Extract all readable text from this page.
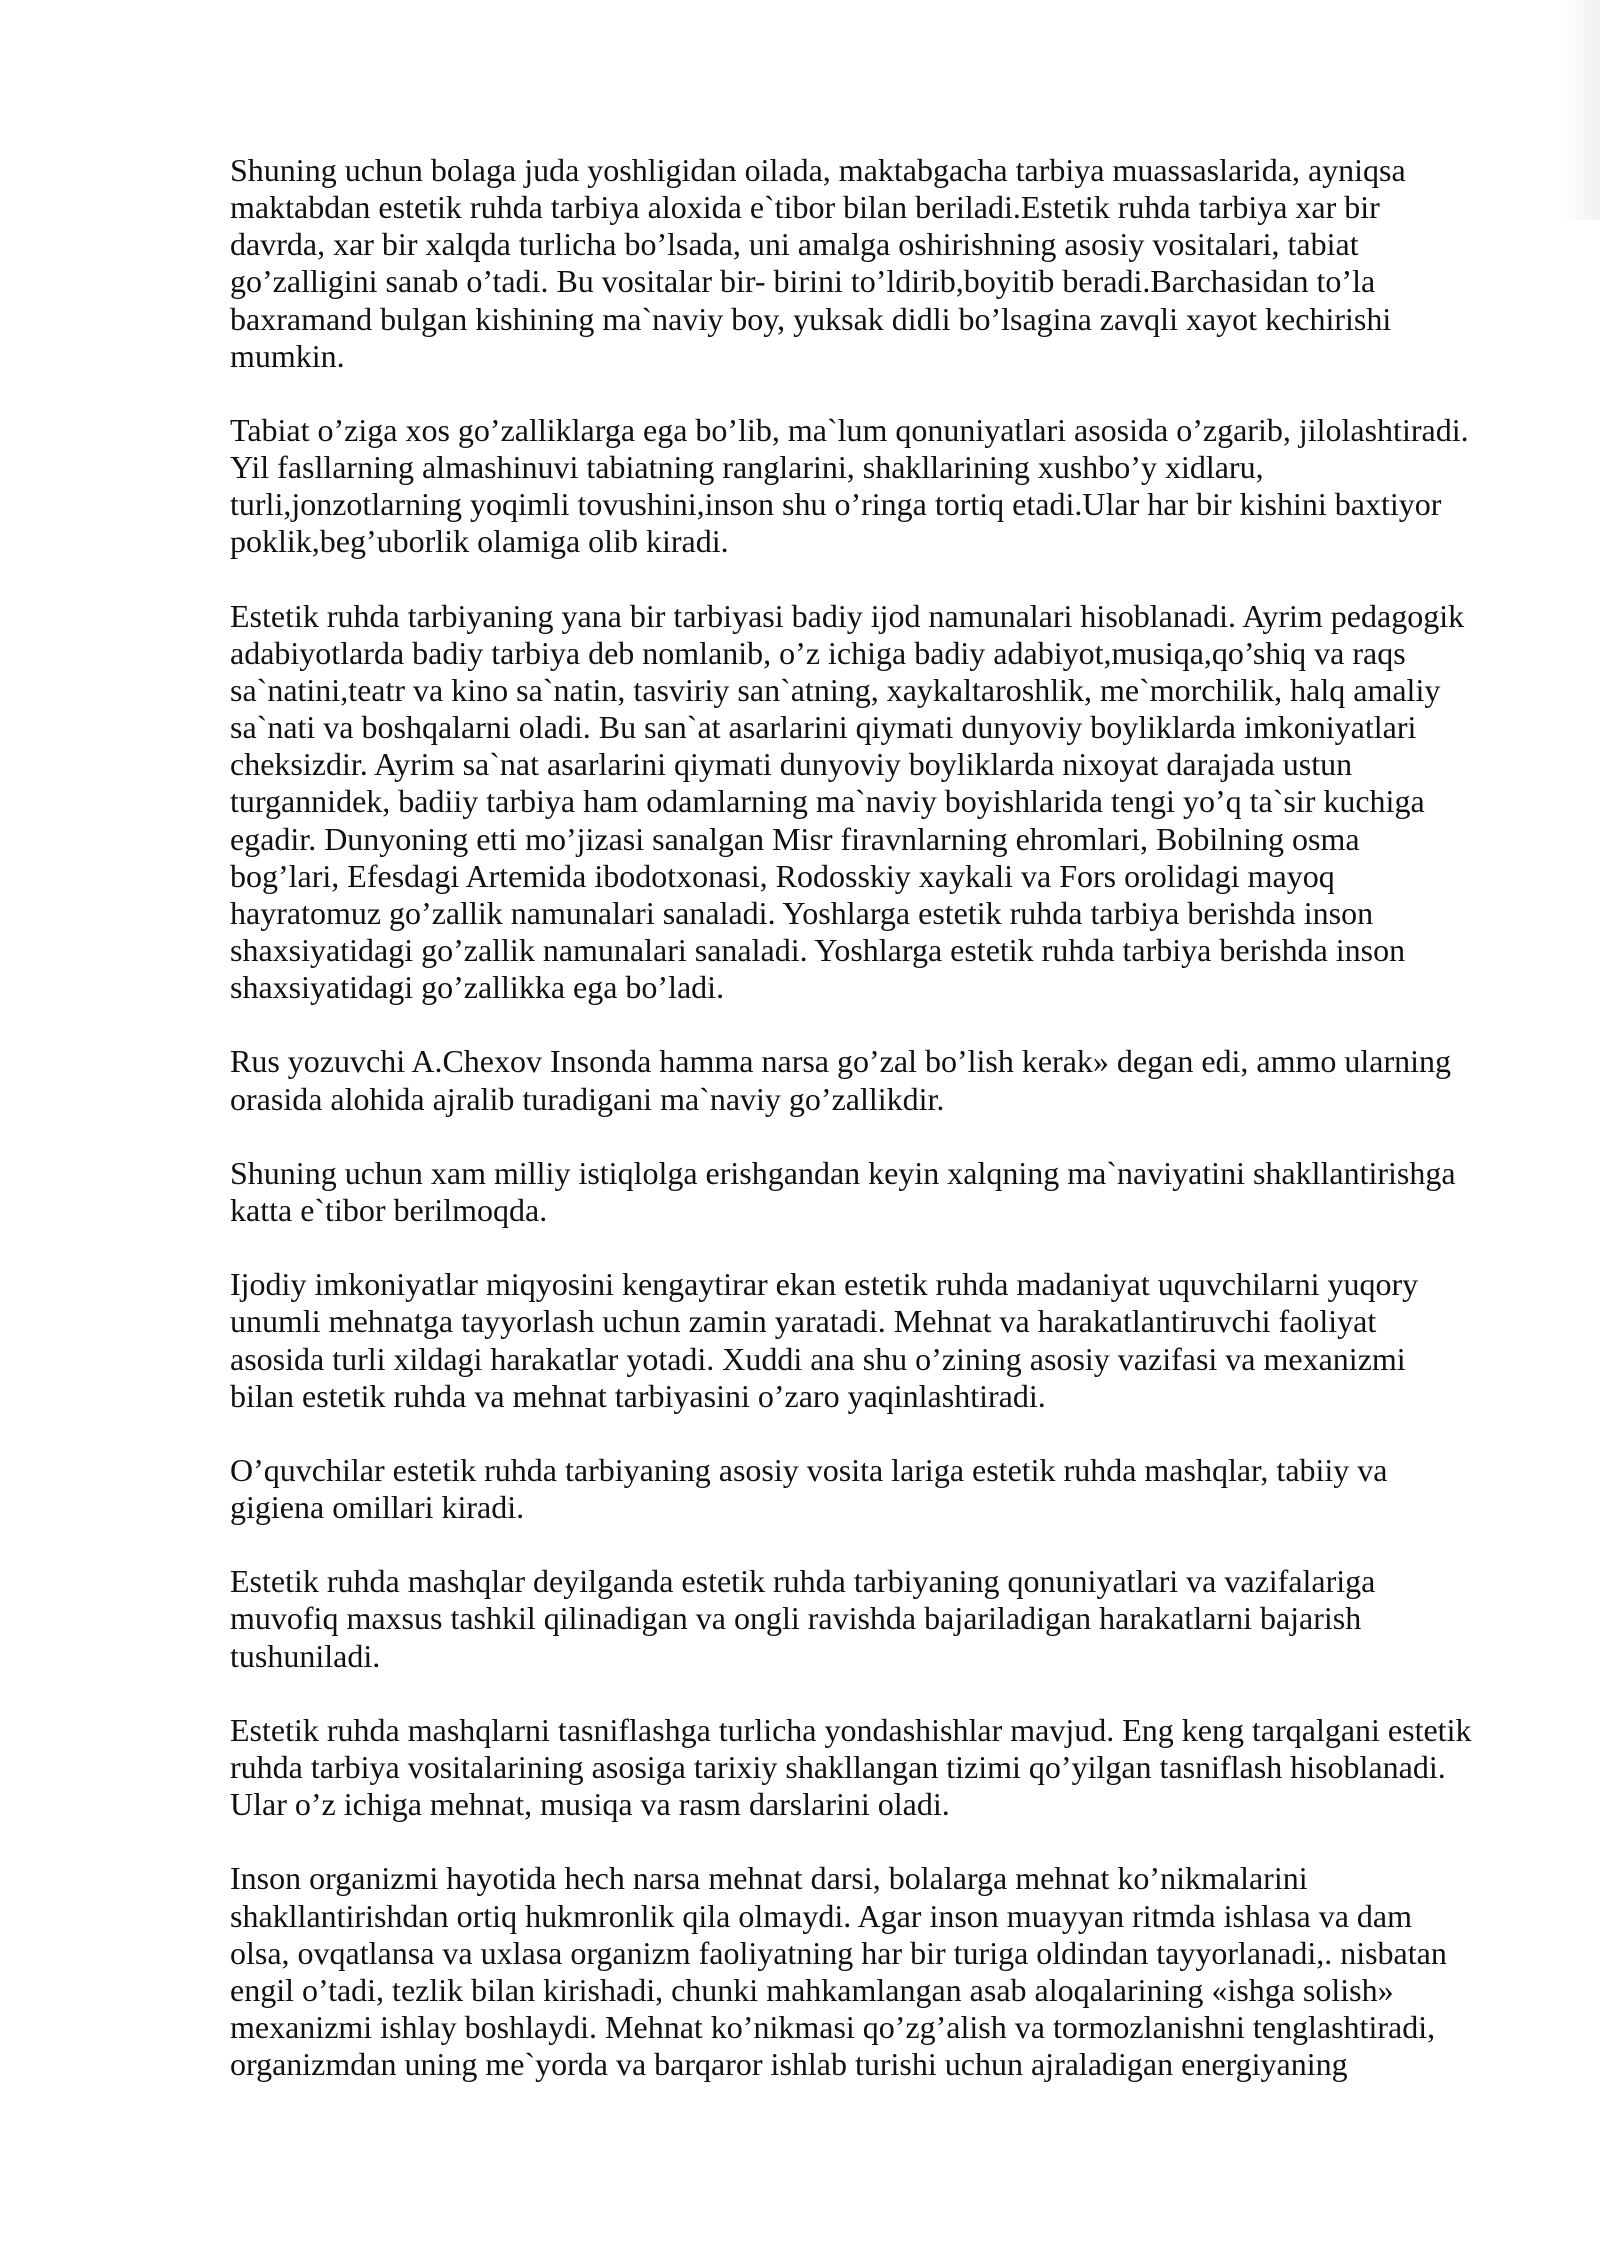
Shuning uchun bolaga juda yoshligidan oilada, maktabgacha tarbiya muassaslarida, ayniqsa
maktabdan estetik ruhda tarbiya aloxida e`tibor bilan beriladi.Estetik ruhda tarbiya xar bir
davrda, xar bir xalqda turlicha bo’lsada, uni amalga oshirishning asosiy vositalari, tabiat
go’zalligini sanab o’tadi. Bu vositalar bir- birini to’ldirib,boyitib beradi.Barchasidan to’la
baxramand bulgan kishining ma`naviy boy, yuksak didli bo’lsagina zavqli xayot kechirishi
mumkin.

Tabiat o’ziga xos go’zalliklarga ega bo’lib, ma`lum qonuniyatlari asosida o’zgarib, jilolashtiradi.
Yil fasllarning almashinuvi tabiatning ranglarini, shakllarining xushbo’y xidlaru,
turli,jonzotlarning yoqimli tovushini,inson shu o’ringa tortiq etadi.Ular har bir kishini baxtiyor
poklik,beg’uborlik olamiga olib kiradi.

Estetik ruhda tarbiyaning yana bir tarbiyasi badiy ijod namunalari hisoblanadi. Ayrim pedagogik
adabiyotlarda badiy tarbiya deb nomlanib, o’z ichiga badiy adabiyot,musiqa,qo’shiq va raqs
sa`natini,teatr va kino sa`natin, tasviriy san`atning, xaykaltaroshlik, me`morchilik, halq amaliy
sa`nati va boshqalarni oladi. Bu san`at asarlarini qiymati dunyoviy boyliklarda imkoniyatlari
cheksizdir. Ayrim sa`nat asarlarini qiymati dunyoviy boyliklarda nixoyat darajada ustun
turgannidek, badiiy tarbiya ham odamlarning ma`naviy boyishlarida tengi yo’q ta`sir kuchiga
egadir. Dunyoning etti mo’jizasi sanalgan Misr firavnlarning ehromlari, Bobilning osma
bog’lari, Efesdagi Artemida ibodotxonasi, Rodosskiy xaykali va Fors orolidagi mayoq
hayratomuz go’zallik namunalari sanaladi. Yoshlarga estetik ruhda tarbiya berishda inson
shaxsiyatidagi go’zallik namunalari sanaladi. Yoshlarga estetik ruhda tarbiya berishda inson
shaxsiyatidagi go’zallikka ega bo’ladi.

Rus yozuvchi A.Chexov Insonda hamma narsa go’zal bo’lish kerak» degan edi, ammo ularning
orasida alohida ajralib turadigani ma`naviy go’zallikdir.

Shuning uchun xam milliy istiqlolga erishgandan keyin xalqning ma`naviyatini shakllantirishga
katta e`tibor berilmoqda.

Ijodiy imkoniyatlar miqyosini kengaytirar ekan estetik ruhda madaniyat uquvchilarni yuqory
unumli mehnatga tayyorlash uchun zamin yaratadi. Mehnat va harakatlantiruvchi faoliyat
asosida turli xildagi harakatlar yotadi. Xuddi ana shu o’zining asosiy vazifasi va mexanizmi
bilan estetik ruhda va mehnat tarbiyasini o’zaro yaqinlashtiradi.

O’quvchilar estetik ruhda tarbiyaning asosiy vosita lariga estetik ruhda mashqlar, tabiiy va
gigiena omillari kiradi.

Estetik ruhda mashqlar deyilganda estetik ruhda tarbiyaning qonuniyatlari va vazifalariga
muvofiq maxsus tashkil qilinadigan va ongli ravishda bajariladigan harakatlarni bajarish
tushuniladi.

Estetik ruhda mashqlarni tasniflashga turlicha yondashishlar mavjud. Eng keng tarqalgani estetik
ruhda tarbiya vositalarining asosiga tarixiy shakllangan tizimi qo’yilgan tasniflash hisoblanadi.
Ular o’z ichiga mehnat, musiqa va rasm darslarini oladi.

Inson organizmi hayotida hech narsa mehnat darsi, bolalarga mehnat ko’nikmalarini
shakllantirishdan ortiq hukmronlik qila olmaydi. Agar inson muayyan ritmda ishlasa va dam
olsa, ovqatlansa va uxlasa organizm faoliyatning har bir turiga oldindan tayyorlanadi,. nisbatan
engil o’tadi, tezlik bilan kirishadi, chunki mahkamlangan asab aloqalarining «ishga solish»
mexanizmi ishlay boshlaydi. Mehnat ko’nikmasi qo’zg’alish va tormozlanishni tenglashtiradi,
organizmdan uning me`yorda va barqaror ishlab turishi uchun ajraladigan energiyaning
